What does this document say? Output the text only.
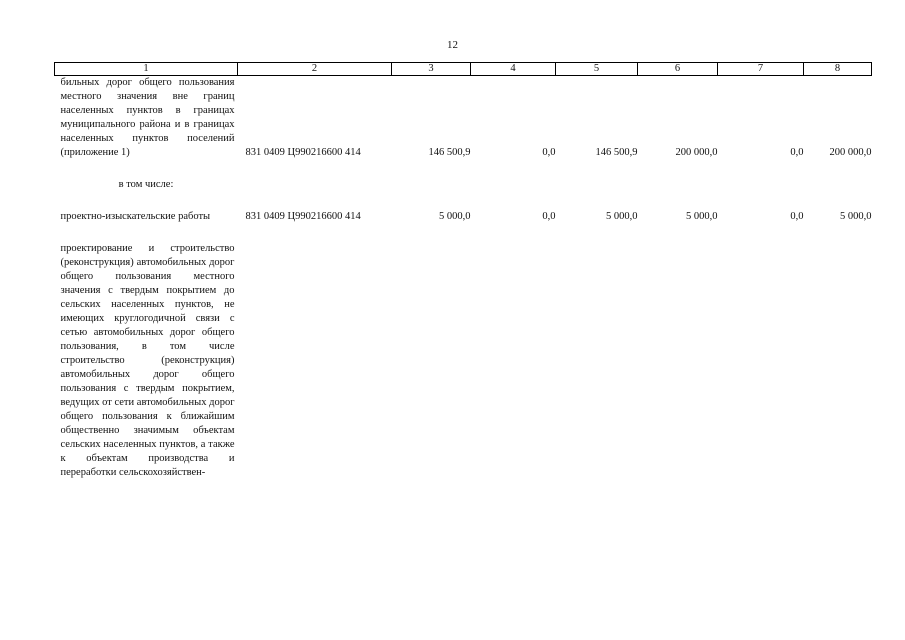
12
1	2	3	4	5	6	7	8
бильных дорог общего пользования местного значения вне границ населенных пунктов в границах муниципального района и в границах населенных пунктов поселений (приложение 1)	831 0409 Ц990216600 414	146 500,9	0,0	146 500,9	200 000,0	0,0	200 000,0

в том числе:							

проектно-изыскательские работы	831 0409 Ц990216600 414	5 000,0	0,0	5 000,0	5 000,0	0,0	5 000,0

проектирование и строительство (реконструкция) автомобильных дорог общего пользования местного значения с твердым покрытием до сельских населенных пунктов, не имеющих круглогодичной связи с сетью автомобильных дорог общего пользования, в том числе строительство (реконструкция) автомобильных дорог общего пользования с твердым покрытием, ведущих от сети автомобильных дорог общего пользования к ближайшим общественно значимым объектам сельских населенных пунктов, а также к объектам производства и переработки сельскохозяйствен-							
